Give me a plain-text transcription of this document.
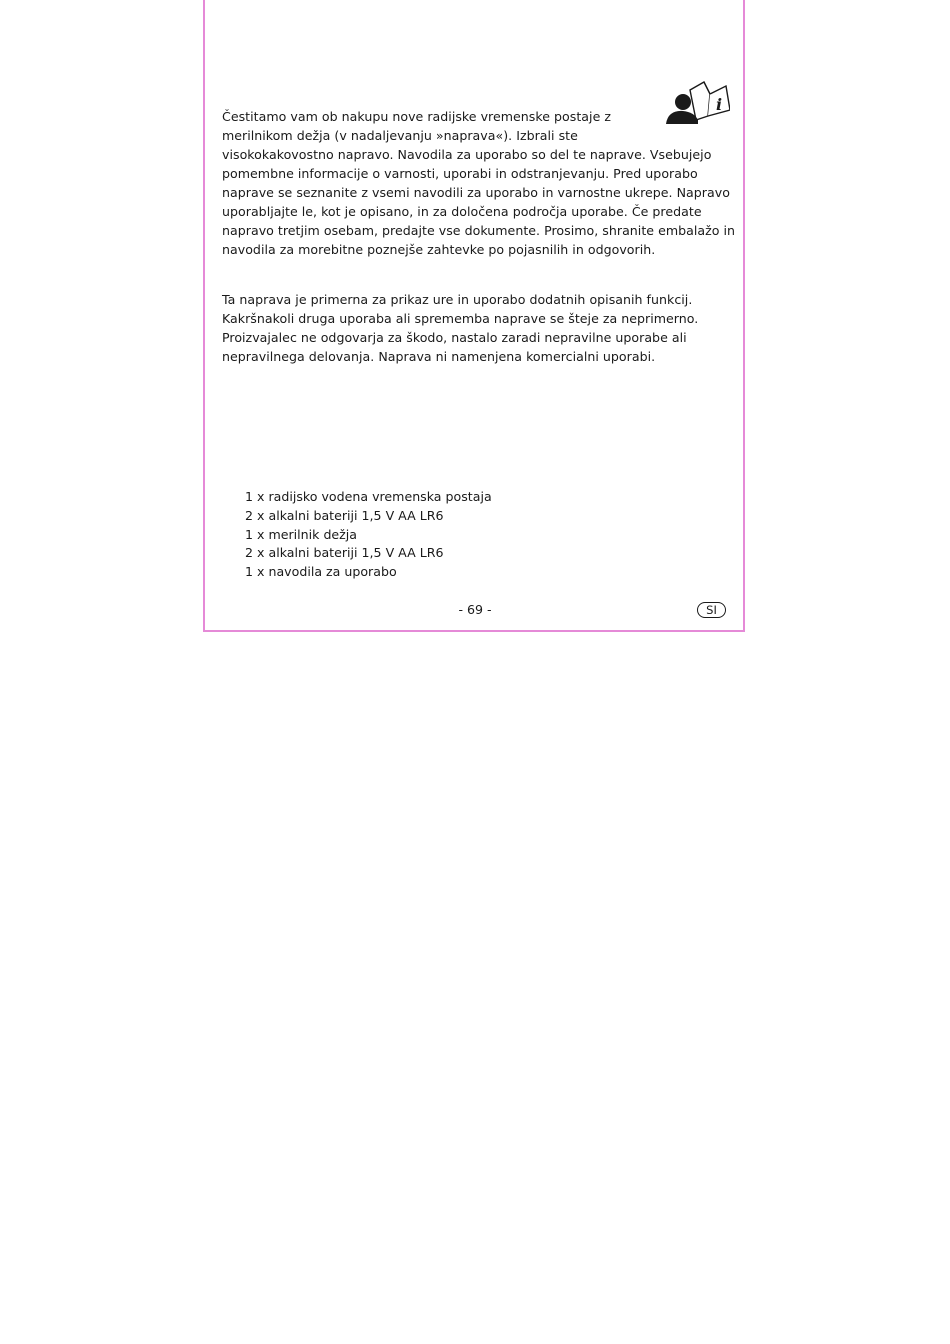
i

Čestitamo vam ob nakupu nove radijske vremenske postaje z
merilnikom dežja (v nadaljevanju »naprava«). Izbrali ste

visokokakovostno napravo. Navodila za uporabo so del te naprave. Vsebujejo
pomembne informacije o varnosti, uporabi in odstranjevanju. Pred uporabo
naprave se seznanite z vsemi navodili za uporabo in varnostne ukrepe. Napravo
uporabljajte le, kot je opisano, in za določena področja uporabe. Če predate
napravo tretjim osebam, predajte vse dokumente. Prosimo, shranite embalažo in
navodila za morebitne poznejše zahtevke po pojasnilih in odgovorih.

Ta naprava je primerna za prikaz ure in uporabo dodatnih opisanih funkcij.
Kakršnakoli druga uporaba ali sprememba naprave se šteje za neprimerno.
Proizvajalec ne odgovarja za škodo, nastalo zaradi nepravilne uporabe ali
nepravilnega delovanja. Naprava ni namenjena komercialni uporabi.

1 x radijsko vodena vremenska postaja
2 x alkalni bateriji 1,5 V AA LR6
1 x merilnik dežja
2 x alkalni bateriji 1,5 V AA LR6
1 x navodila za uporabo
- 69 -	SI
